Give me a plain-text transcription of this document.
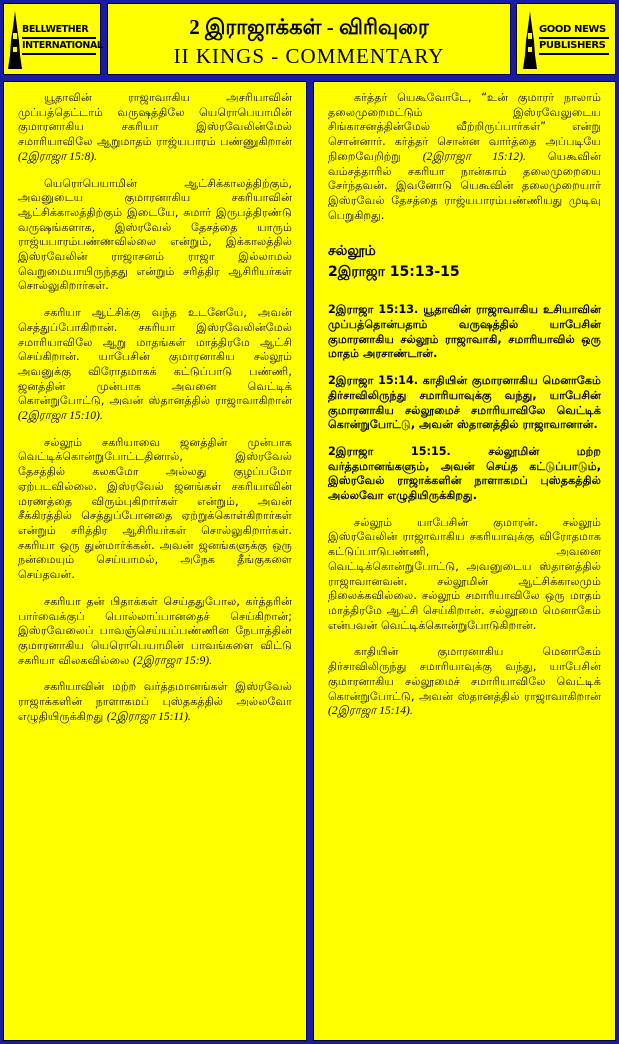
BELLWETHER
INTERNATIONAL
2 இராஜாக்கள் - விரிவுரை
II KINGS - COMMENTARY
GOOD NEWS
PUBLISHERS

யூதாவின் ராஜாவாகிய அசரியாவின் முப்பத்தெட்டாம் வருஷத்திலே யெரொபெயாமின் குமாரனாகிய சகரியா இஸ்ரவேலின்மேல் சமாரியாவிலே ஆறுமாதம் ராஜ்யபாரம் பண்ணுகிறான் (2இராஜா 15:8).

யெரொபெயாமின் ஆட்சிக்காலத்திற்கும், அவனுடைய குமாரனாகிய சகரியாவின் ஆட்சிக்காலத்திற்கும் இடையே, சுமார் இருபத்திரண்டு வருஷங்களாக, இஸ்ரவேல் தேசத்தை யாரும் ராஜ்யபாரம்பண்ணவில்லை என்றும், இக்காலத்தில் இஸ்ரவேலின் ராஜாசனம் ராஜா இல்லாமல் வெறுமையாயிருந்தது என்றும் சரித்திர ஆசிரியர்கள் சொல்லுகிறார்கள்.

சகரியா ஆட்சிக்கு வந்த உடனேயே, அவன் செத்துப்போகிறான். சகரியா இஸ்ரவேலின்மேல் சமாரியாவிலே ஆறு மாதங்கள் மாத்திரமே ஆட்சி செய்கிறான். யாபேசின் குமாரனாகிய சல்லூம் அவனுக்கு விரோதமாகக் கட்டுப்பாடு பண்ணி, ஜனத்தின் முன்பாக அவனை வெட்டிக் கொன்றுபோட்டு, அவன் ஸ்தானத்தில் ராஜாவாகிறான் (2இராஜா 15:10).

சல்லூம் சகரியாவை ஜனத்தின் முன்பாக வெட்டிக்கொன்றுபோட்டதினால், இஸ்ரவேல் தேசத்தில் கலகமோ அல்லது குழப்பமோ ஏற்படவில்லை. இஸ்ரவேல் ஜனங்கள் சகரியாவின் மரணத்தை விரும்புகிறார்கள் என்றும், அவன் சீக்கிரத்தில் செத்துப்போனதை ஏற்றுக்கொள்கிறார்கள் என்றும் சரித்திர ஆசிரியர்கள் சொல்லுகிறார்கள். சகரியா ஒரு துன்மார்க்கன். அவன் ஜனங்களுக்கு ஒரு நன்மையும் செய்யாமல், அநேக தீங்குகளை செய்தவன்.

சகரியா தன் பிதாக்கள் செய்ததுபோல, கர்த்தரின் பார்வைக்குப் பொல்லாப்பானதைச் செய்கிறான்; இஸ்ரவேலைப் பாவஞ்செய்யப்பண்ணின நேபாத்தின் குமாரனாகிய யெரொபெயாமின் பாவங்களை விட்டு சகரியா விலகவில்லை (2இராஜா 15:9).

சகரியாவின் மற்ற வர்த்தமானங்கள் இஸ்ரவேல் ராஜாக்களின் நாளாகமப் புஸ்தகத்தில் அல்லவோ எழுதியிருக்கிறது (2இராஜா 15:11).

கர்த்தர் யெகூவோடே, “உன் குமாரர் நாலாம் தலைமுறைமட்டும் இஸ்ரவேலுடைய சிங்காசனத்தின்மேல் வீற்றிருப்பார்கள்” என்று சொன்னார். கர்த்தர் சொன்ன வார்த்தை அப்படியே நிறைவேறிற்று (2இராஜா 15:12). யெகூவின் வம்சத்தாரில் சகரியா நான்காம் தலைமுறையை சேர்ந்தவன். இவனோடு யெகூவின் தலைமுறையார் இஸ்ரவேல் தேசத்தை ராஜ்யபாரம்பண்ணியது முடிவு பெறுகிறது.

சல்லூம்
2இராஜா 15:13-15

2இராஜா 15:13. யூதாவின் ராஜாவாகிய உசியாவின் முப்பத்தொன்பதாம் வருஷத்தில் யாபேசின் குமாரனாகிய சல்லூம் ராஜாவாகி, சமாரியாவில் ஒரு மாதம் அரசாண்டான்.

2இராஜா 15:14. காதியின் குமாரனாகிய மெனாகேம் திர்சாவிலிருந்து சமாரியாவுக்கு வந்து, யாபேசின் குமாரனாகிய சல்லூமைச் சமாரியாவிலே வெட்டிக் கொன்றுபோட்டு, அவன் ஸ்தானத்தில் ராஜாவானான்.

2இராஜா 15:15. சல்லூமின் மற்ற வர்த்தமானங்களும், அவன் செய்த கட்டுப்பாடும், இஸ்ரவேல் ராஜாக்களின் நாளாகமப் புஸ்தகத்தில் அல்லவோ எழுதியிருக்கிறது.

சல்லூம் யாபேசின் குமாரன். சல்லூம் இஸ்ரவேலின் ராஜாவாகிய சகரியாவுக்கு விரோதமாக கட்டுப்பாடுபண்ணி, அவனை வெட்டிக்கொன்றுபோட்டு, அவனுடைய ஸ்தானத்தில் ராஜாவானவன். சல்லூமின் ஆட்சிக்காலமும் நிலைக்கவில்லை. சல்லூம் சமாரியாவிலே ஒரு மாதம் மாத்திரமே ஆட்சி செய்கிறான். சல்லூமை மெனாகேம் என்பவன் வெட்டிக்கொன்றுபோடுகிறான்.

காதியின் குமாரனாகிய மெனாகேம் திர்சாவிலிருந்து சமாரியாவுக்கு வந்து, யாபேசின் குமாரனாகிய சல்லூமைச் சமாரியாவிலே வெட்டிக் கொன்றுபோட்டு, அவன் ஸ்தானத்தில் ராஜாவாகிறான் (2இராஜா 15:14).
